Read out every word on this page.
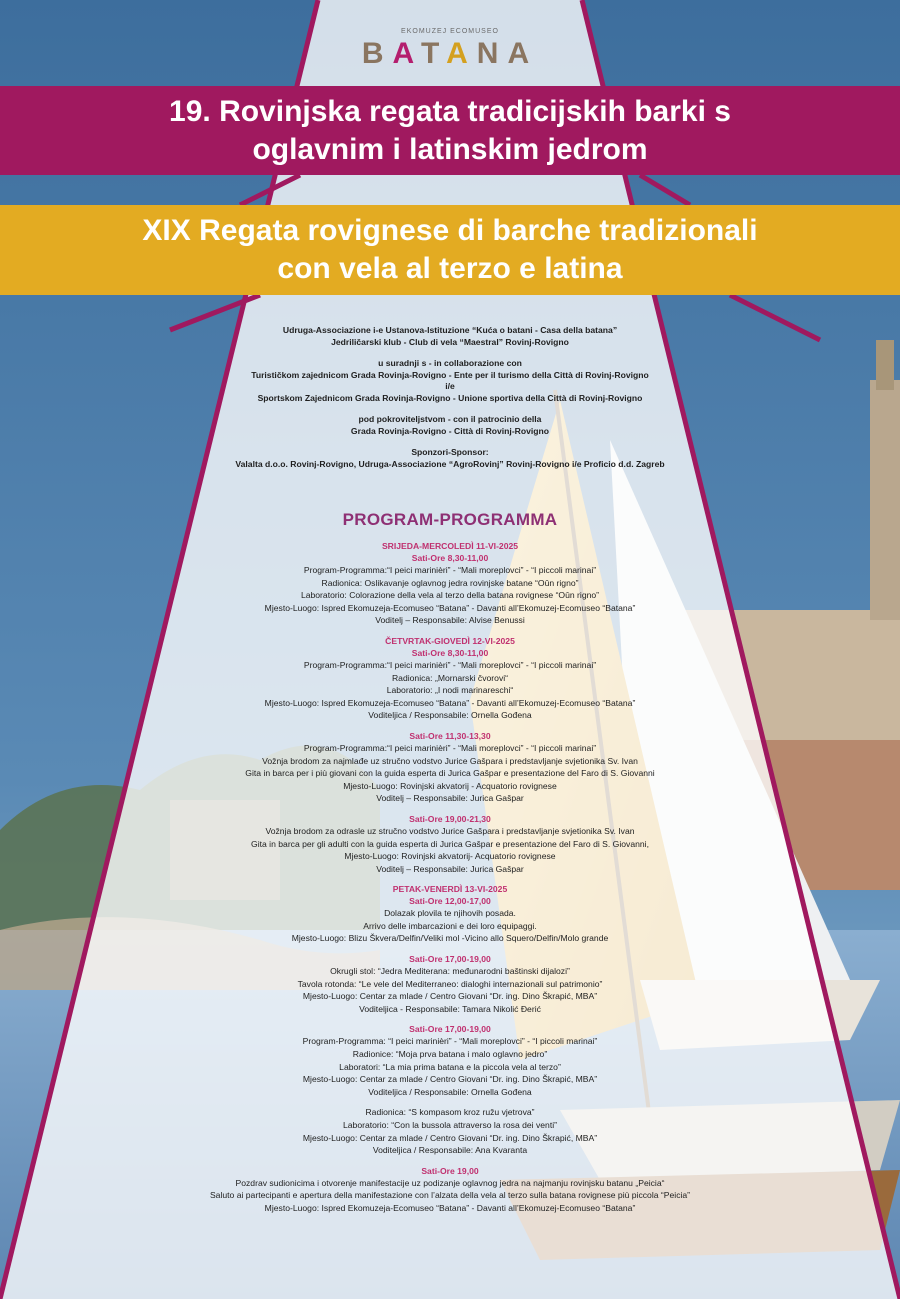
EKOMUZEJ ECOMUSEO
BATANA
19. Rovinjska regata tradicijskih barki s
oglavnim i latinskim jedrom
XIX Regata rovignese di barche tradizionali
con vela al terzo e latina
Udruga-Associazione i-e Ustanova-Istituzione “Kuća o batani - Casa della batana”
Jedriličarski klub - Club di vela “Maestral” Rovinj-Rovigno
u suradnji s - in collaborazione con
Turističkom zajednicom Grada Rovinja-Rovigno - Ente per il turismo della Città di Rovinj-Rovigno
i/e
Sportskom Zajednicom Grada Rovinja-Rovigno - Unione sportiva della Città di Rovinj-Rovigno
pod pokroviteljstvom - con il patrocinio della
Grada Rovinja-Rovigno - Città di Rovinj-Rovigno
Sponzori-Sponsor:
Valalta d.o.o. Rovinj-Rovigno, Udruga-Associazione “AgroRovinj” Rovinj-Rovigno i/e Proficio d.d. Zagreb
PROGRAM-PROGRAMMA
SRIJEDA-MERCOLEDÌ 11-VI-2025
Sati-Ore 8,30-11,00
Program-Programma:“I peici marinièri” - “Mali moreplovci” - “I piccoli marinai”
Radionica: Oslikavanje oglavnog jedra rovinjske batane “Oûn rigno”
Laboratorio: Colorazione della vela al terzo della batana rovignese “Oûn rigno”
Mjesto-Luogo: Ispred Ekomuzeja-Ecomuseo “Batana” - Davanti all’Ekomuzej-Ecomuseo “Batana”
Voditelj – Responsabile: Alvise Benussi
ČETVRTAK-GIOVEDÌ 12-VI-2025
Sati-Ore 8,30-11,00
Program-Programma:“I peici marinièri” - “Mali moreplovci” - “I piccoli marinai”
Radionica: „Mornarski čvorovi“
Laboratorio: „I nodi marinareschi“
Mjesto-Luogo: Ispred Ekomuzeja-Ecomuseo “Batana” - Davanti all’Ekomuzej-Ecomuseo “Batana”
Voditeljica / Responsabile: Ornella Gođena
Sati-Ore 11,30-13,30
Program-Programma:“I peici marinièri” - “Mali moreplovci” - “I piccoli marinai”
Vožnja brodom za najmlađe uz stručno vodstvo Jurice Gašpara i predstavljanje svjetionika Sv. Ivan
Gita in barca per i più giovani con la guida esperta di Jurica Gašpar e presentazione del Faro di S. Giovanni
Mjesto-Luogo: Rovinjski akvatorij - Acquatorio rovignese
Voditelj – Responsabile: Jurica Gašpar
Sati-Ore 19,00-21,30
Vožnja brodom za odrasle uz stručno vodstvo Jurice Gašpara i predstavljanje svjetionika Sv. Ivan
Gita in barca per gli adulti con la guida esperta di Jurica Gašpar e presentazione del Faro di S. Giovanni,
Mjesto-Luogo: Rovinjski akvatorij- Acquatorio rovignese
Voditelj – Responsabile: Jurica Gašpar
PETAK-VENERDÌ 13-VI-2025
Sati-Ore 12,00-17,00
Dolazak plovila te njihovih posada.
Arrivo delle imbarcazioni e dei loro equipaggi.
Mjesto-Luogo: Blizu Škvera/Delfin/Veliki mol -Vicino allo Squero/Delfin/Molo grande
Sati-Ore 17,00-19,00
Okrugli stol: “Jedra Mediterana: međunarodni baštinski dijalozi”
Tavola rotonda: “Le vele del Mediterraneo: dialoghi internazionali sul patrimonio”
Mjesto-Luogo: Centar za mlade / Centro Giovani “Dr. ing. Dino Škrapić, MBA”
Voditeljica - Responsabile: Tamara Nikolić Đerić
Sati-Ore 17,00-19,00
Program-Programma: “I peici marinièri” - “Mali moreplovci” - “I piccoli marinai”
Radionice: “Moja prva batana i malo oglavno jedro”
Laboratori: “La mia prima batana e la piccola vela al terzo”
Mjesto-Luogo: Centar za mlade / Centro Giovani “Dr. ing. Dino Škrapić, MBA”
Voditeljica / Responsabile: Ornella Gođena
Radionica: “S kompasom kroz ružu vjetrova”
Laboratorio: “Con la bussola attraverso la rosa dei venti”
Mjesto-Luogo: Centar za mlade / Centro Giovani “Dr. ing. Dino Škrapić, MBA”
Voditeljica / Responsabile: Ana Kvaranta
Sati-Ore 19,00
Pozdrav sudionicima i otvorenje manifestacije uz podizanje oglavnog jedra na najmanju rovinjsku batanu „Peicia“
Saluto ai partecipanti e apertura della manifestazione con l’alzata della vela al terzo sulla batana rovignese più piccola “Peicia”
Mjesto-Luogo: Ispred Ekomuzeja-Ecomuseo “Batana” - Davanti all’Ekomuzej-Ecomuseo “Batana”
